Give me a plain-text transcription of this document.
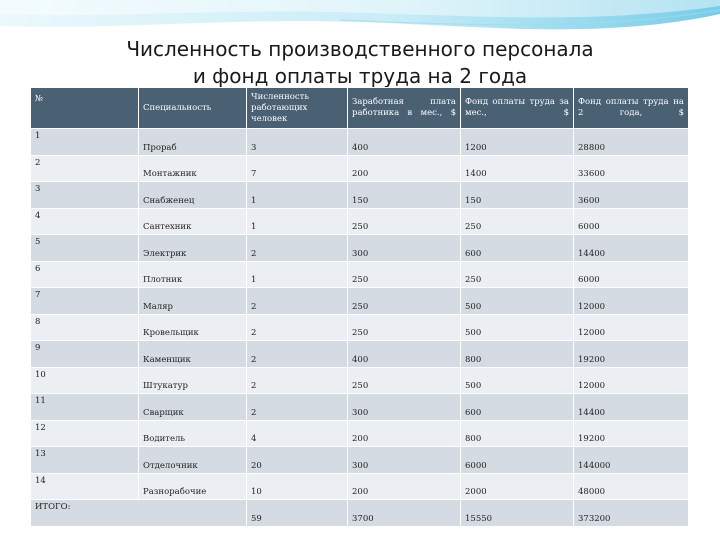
Численность производственного персонала
и фонд оплаты труда на 2 года
№	Специальность	Численность работающих человек	Заработная плата работника в мес., $	Фонд оплаты труда за мес., $	Фонд оплаты труда на 2 года, $
1	Прораб	3	400	1200	28800
2	Монтажник	7	200	1400	33600
3	Снабженец	1	150	150	3600
4	Сантехник	1	250	250	6000
5	Электрик	2	300	600	14400
6	Плотник	1	250	250	6000
7	Маляр	2	250	500	12000
8	Кровельщик	2	250	500	12000
9	Каменщик	2	400	800	19200
10	Штукатур	2	250	500	12000
11	Сварщик	2	300	600	14400
12	Водитель	4	200	800	19200
13	Отделочник	20	300	6000	144000
14	Разнорабочие	10	200	2000	48000
ИТОГО:		59	3700	15550	373200
